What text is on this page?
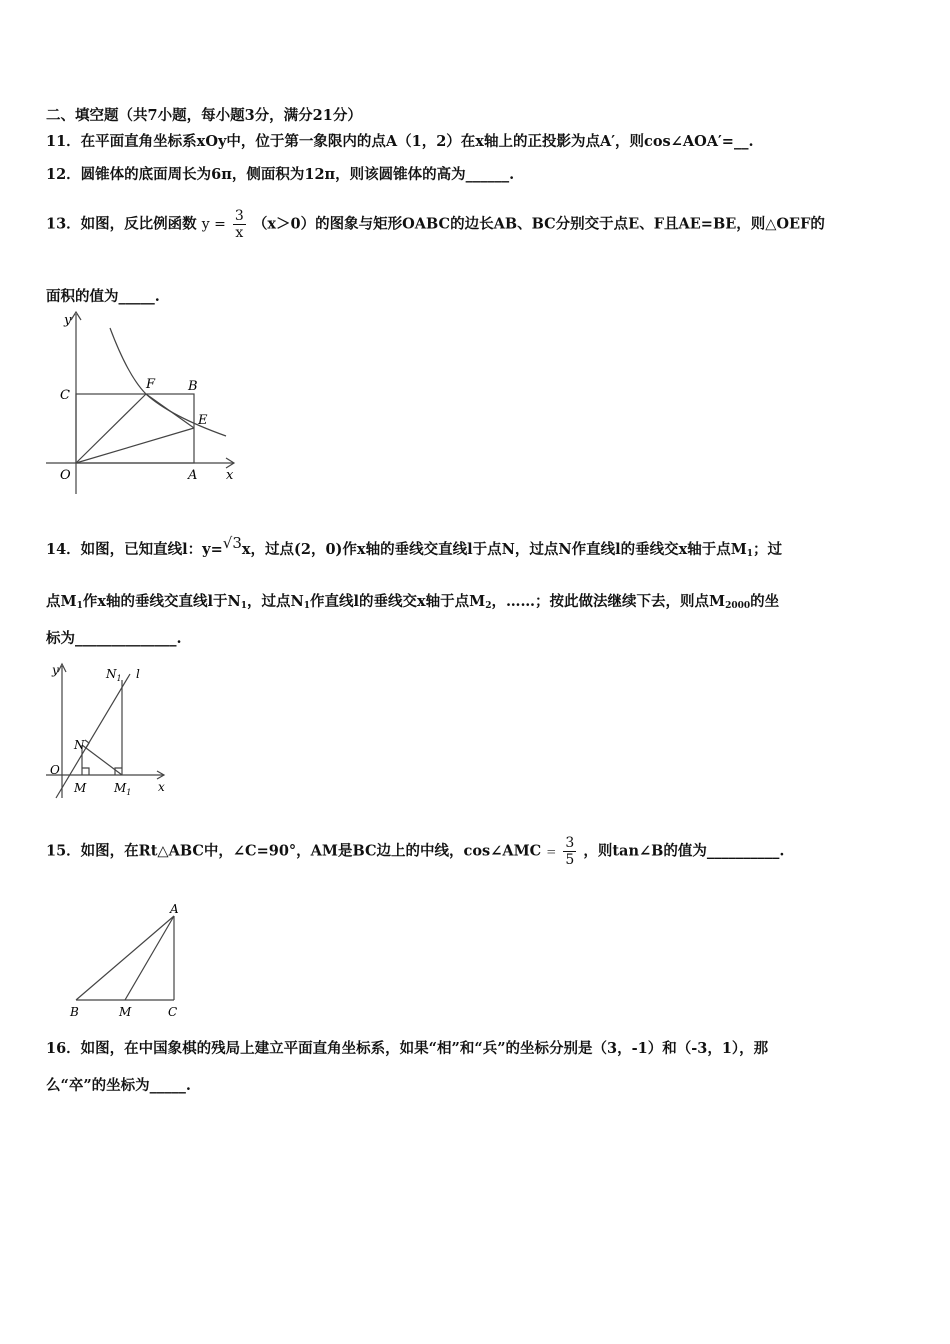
二、填空题（共7小题，每小题3分，满分21分）
11．在平面直角坐标系xOy中，位于第一象限内的点A（1，2）在x轴上的正投影为点A′，则cos∠AOA′=__.
12．圆锥体的底面周长为6π，侧面积为12π，则该圆锥体的高为______.
13．如图，反比例函数 $y = \frac{3}{x} (x>0)$的图象与矩形OABC的边长AB、BC分别交于点E、F且AE=BE，则△OEF的
面积的值为_____.
y
x
O	A
B
C
E
F
14．如图，已知直线l：y=√3x，过点(2，0)作x轴的垂线交直线l于点N，过点N作直线l的垂线交x轴于点$M_1$；过
点$M_1$作x轴的垂线交直线l于$N_1$，过点$N_1$作直线l的垂线交x轴于点$M_2$，……；按此做法继续下去，则点$M_{2000}$的坐
标为______________.
y
x
O
N
$N_1$ l
M $M_1$
15．如图，在Rt△ABC中，∠C=90°，AM是BC边上的中线，cos∠AMC = $\frac{3}{5}$ ，则tan∠B的值为__________.
A
B	C
M
16．如图，在中国象棋的残局上建立平面直角坐标系，如果“相”和“兵”的坐标分别是（3，-1）和（-3，1），那
么“卒”的坐标为_____.
